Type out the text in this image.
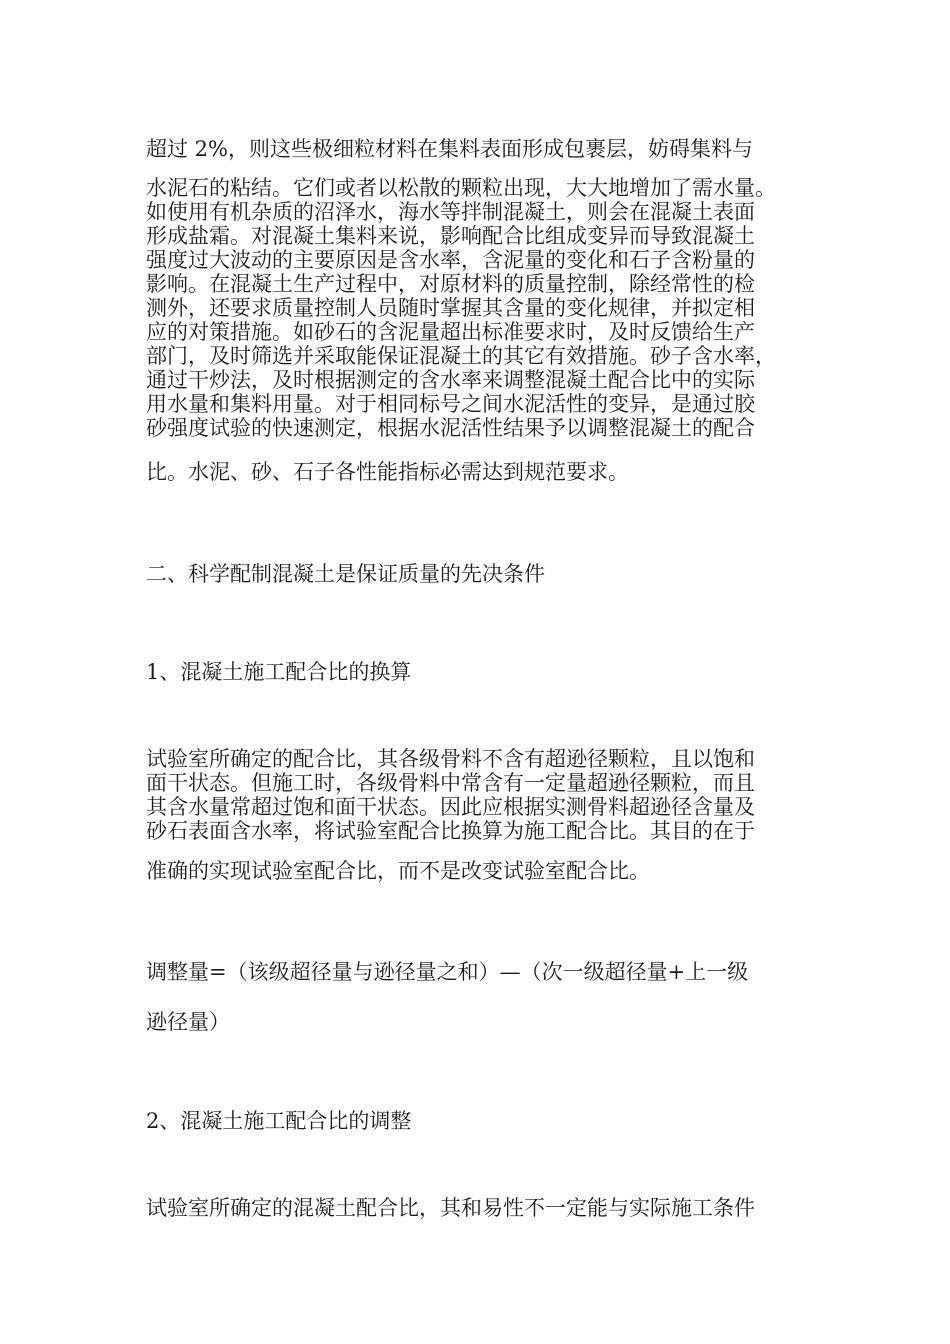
超过 2%，则这些极细粒材料在集料表面形成包裹层，妨碍集料与
水泥石的粘结。它们或者以松散的颗粒出现，大大地增加了需水量。
如使用有机杂质的沼泽水，海水等拌制混凝土，则会在混凝土表面
形成盐霜。对混凝土集料来说，影响配合比组成变异而导致混凝土
强度过大波动的主要原因是含水率，含泥量的变化和石子含粉量的
影响。在混凝土生产过程中，对原材料的质量控制，除经常性的检
测外，还要求质量控制人员随时掌握其含量的变化规律，并拟定相
应的对策措施。如砂石的含泥量超出标准要求时，及时反馈给生产
部门，及时筛选并采取能保证混凝土的其它有效措施。砂子含水率，
通过干炒法，及时根据测定的含水率来调整混凝土配合比中的实际
用水量和集料用量。对于相同标号之间水泥活性的变异，是通过胶
砂强度试验的快速测定，根据水泥活性结果予以调整混凝土的配合
比。水泥、砂、石子各性能指标必需达到规范要求。
二、科学配制混凝土是保证质量的先决条件
1、混凝土施工配合比的换算
试验室所确定的配合比，其各级骨料不含有超逊径颗粒，且以饱和
面干状态。但施工时，各级骨料中常含有一定量超逊径颗粒，而且
其含水量常超过饱和面干状态。因此应根据实测骨料超逊径含量及
砂石表面含水率，将试验室配合比换算为施工配合比。其目的在于
准确的实现试验室配合比，而不是改变试验室配合比。
调整量=（该级超径量与逊径量之和）—（次一级超径量+上一级
逊径量）
2、混凝土施工配合比的调整
试验室所确定的混凝土配合比，其和易性不一定能与实际施工条件
